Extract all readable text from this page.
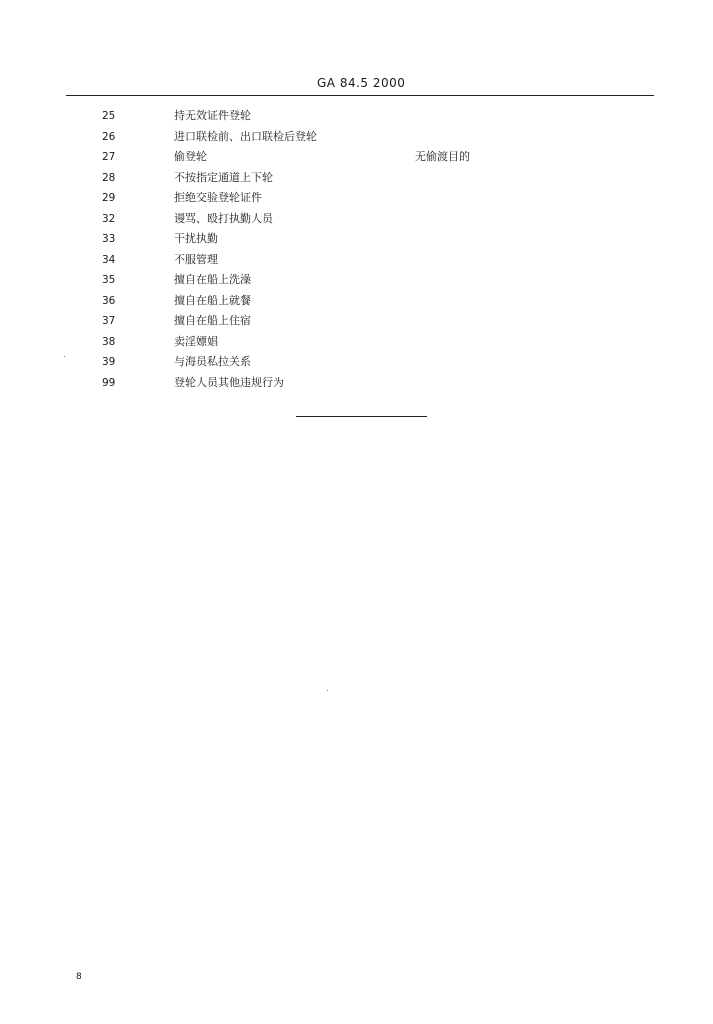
GA 84.5 2000
25	持无效证件登轮
26	进口联检前、出口联检后登轮
27	偷登轮	无偷渡目的
28	不按指定通道上下轮
29	拒绝交验登轮证件
32	谩骂、殴打执勤人员
33	干扰执勤
34	不服管理
35	擅自在船上洗澡
36	擅自在船上就餐
37	擅自在船上住宿
38	卖淫嫖娼
39	与海员私拉关系
99	登轮人员其他违规行为
8
